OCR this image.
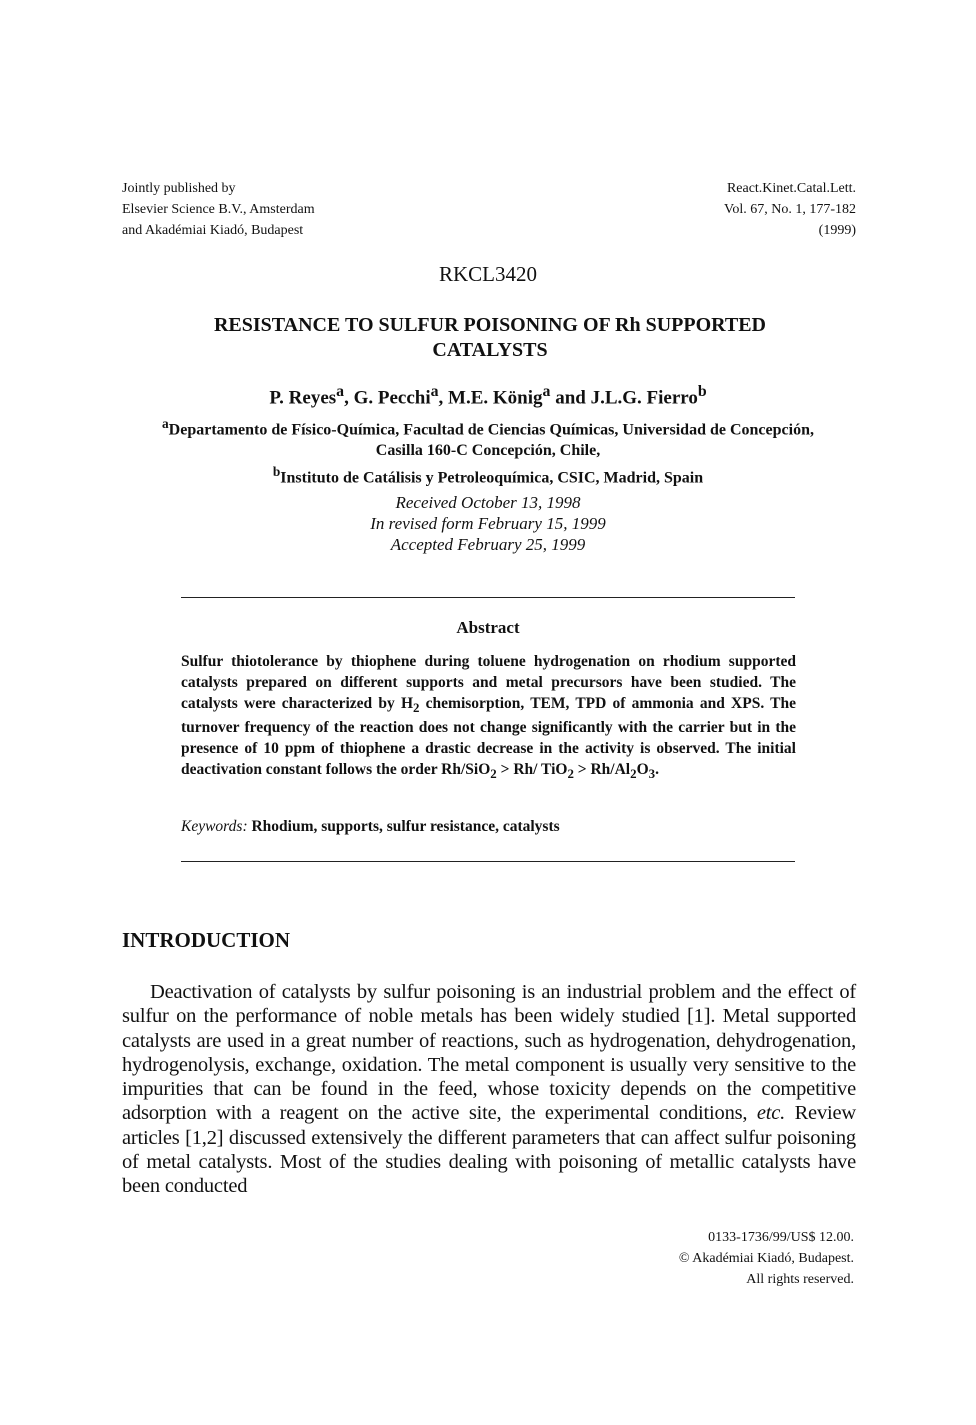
Jointly published by
Elsevier Science B.V., Amsterdam
and Akadémiai Kiadó, Budapest
React.Kinet.Catal.Lett.
Vol. 67, No. 1, 177-182
(1999)
RKCL3420
RESISTANCE TO SULFUR POISONING OF Rh SUPPORTED
CATALYSTS
P. Reyes$^a$, G. Pecchi$^a$, M.E. König$^a$ and J.L.G. Fierro$^b$
$^a$Departamento de Físico-Química, Facultad de Ciencias Químicas, Universidad de Concepción,
Casilla 160-C Concepción, Chile,
$^b$Instituto de Catálisis y Petroleoquímica, CSIC, Madrid, Spain
Received October 13, 1998
In revised form February 15, 1999
Accepted February 25, 1999
Abstract
Sulfur thiotolerance by thiophene during toluene hydrogenation on rhodium supported catalysts prepared on different supports and metal precursors have been studied. The catalysts were characterized by $H_2$ chemisorption, TEM, TPD of ammonia and XPS. The turnover frequency of the reaction does not change significantly with the carrier but in the presence of 10 ppm of thiophene a drastic decrease in the activity is observed. The initial deactivation constant follows the order Rh/SiO$_2$ > Rh/ $TiO_2 > Rh/Al_2O_3$.
Keywords: Rhodium, supports, sulfur resistance, catalysts
INTRODUCTION
Deactivation of catalysts by sulfur poisoning is an industrial problem and the effect of sulfur on the performance of noble metals has been widely studied [1]. Metal supported catalysts are used in a great number of reactions, such as hydrogenation, dehydrogenation, hydrogenolysis, exchange, oxidation. The metal component is usually very sensitive to the impurities that can be found in the feed, whose toxicity depends on the competitive adsorption with a reagent on the active site, the experimental conditions, etc. Review articles [1,2] discussed extensively the different parameters that can affect sulfur poisoning of metal catalysts. Most of the studies dealing with poisoning of metallic catalysts have been conducted
0133-1736/99/US$ 12.00.
© Akadémiai Kiadó, Budapest.
All rights reserved.
